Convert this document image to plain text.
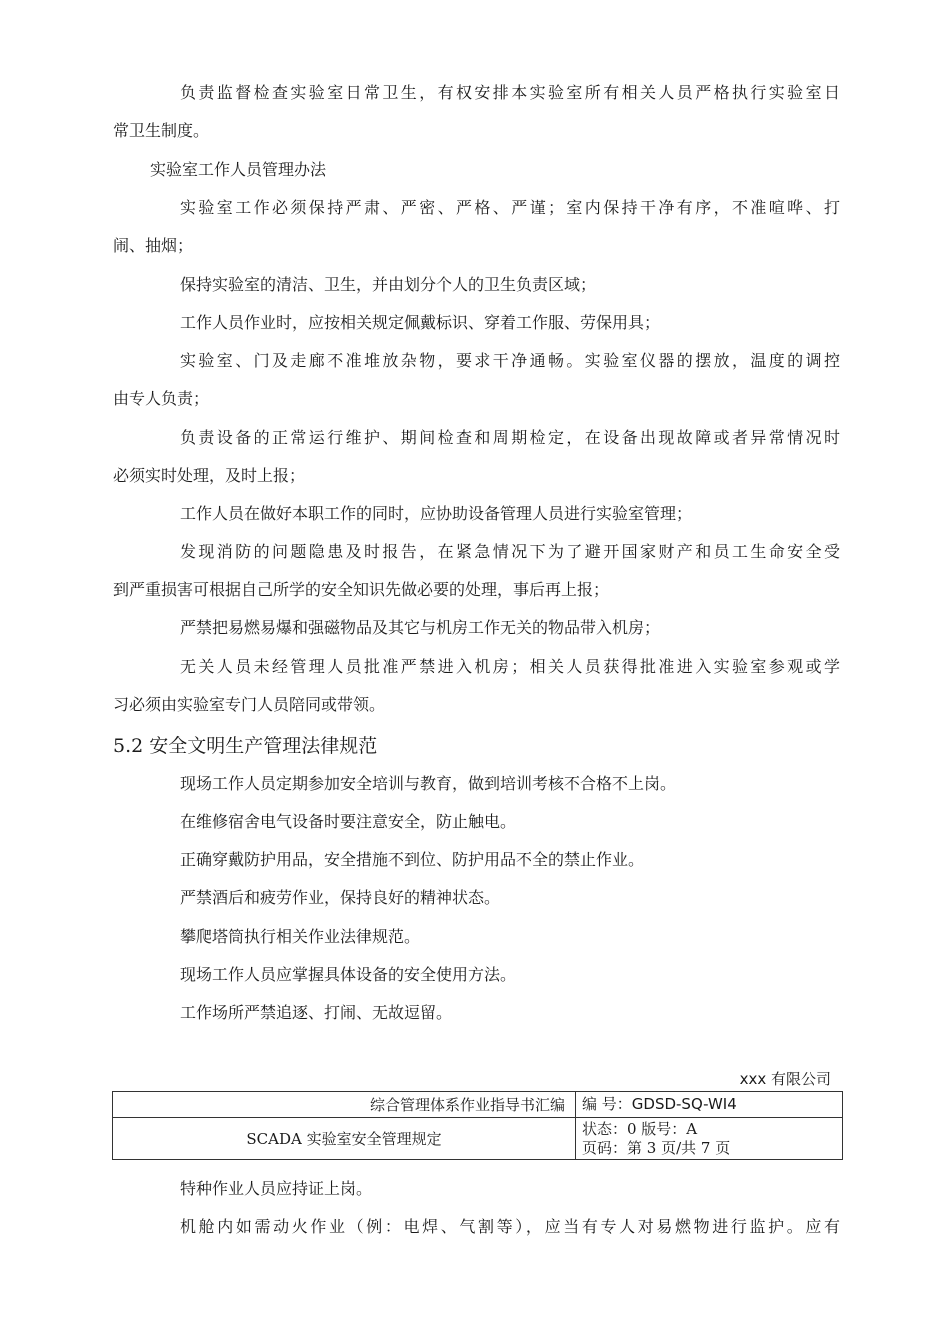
负责监督检查实验室日常卫生，有权安排本实验室所有相关人员严格执行实验室日
常卫生制度。
实验室工作人员管理办法
实验室工作必须保持严肃、严密、严格、严谨；室内保持干净有序，不准喧哗、打
闹、抽烟；
保持实验室的清洁、卫生，并由划分个人的卫生负责区域；
工作人员作业时，应按相关规定佩戴标识、穿着工作服、劳保用具；
实验室、门及走廊不准堆放杂物，要求干净通畅。实验室仪器的摆放，温度的调控
由专人负责；
负责设备的正常运行维护、期间检查和周期检定，在设备出现故障或者异常情况时
必须实时处理，及时上报；
工作人员在做好本职工作的同时，应协助设备管理人员进行实验室管理；
发现消防的问题隐患及时报告，在紧急情况下为了避开国家财产和员工生命安全受
到严重损害可根据自己所学的安全知识先做必要的处理，事后再上报；
严禁把易燃易爆和强磁物品及其它与机房工作无关的物品带入机房；
无关人员未经管理人员批准严禁进入机房；相关人员获得批准进入实验室参观或学
习必须由实验室专门人员陪同或带领。
5.2 安全文明生产管理法律规范
现场工作人员定期参加安全培训与教育，做到培训考核不合格不上岗。
在维修宿舍电气设备时要注意安全，防止触电。
正确穿戴防护用品，安全措施不到位、防护用品不全的禁止作业。
严禁酒后和疲劳作业，保持良好的精神状态。
攀爬塔筒执行相关作业法律规范。
现场工作人员应掌握具体设备的安全使用方法。
工作场所严禁追逐、打闹、无故逗留。
xxx 有限公司
综合管理体系作业指导书汇编	编 号：GDSD-SQ-WI4
SCADA 实验室安全管理规定	状态：0 版号：A
页码：第 3 页/共 7 页
特种作业人员应持证上岗。
机舱内如需动火作业（例：电焊、气割等），应当有专人对易燃物进行监护。应有
